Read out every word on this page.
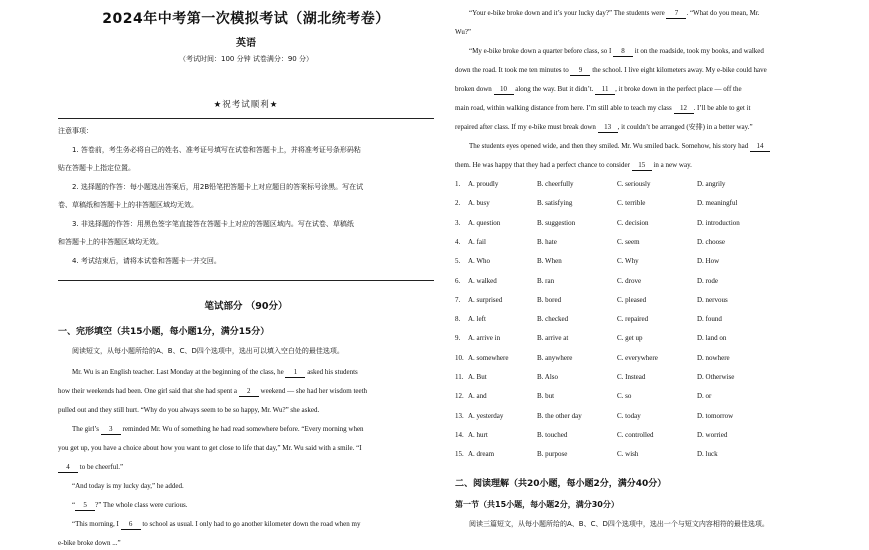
2024年中考第一次模拟考试（湖北统考卷）
英语
（考试时间：100 分钟 试卷满分：90 分）
★祝考试顺利★
注意事项：
1. 答卷前，考生务必将自己的姓名、准考证号填写在试卷和答题卡上，并将准考证号条形码粘
贴在答题卡上指定位置。
2. 选择题的作答：每小题选出答案后，用2B铅笔把答题卡上对应题目的答案标号涂黑。写在试
卷、草稿纸和答题卡上的非答题区域均无效。
3. 非选择题的作答：用黑色签字笔直接答在答题卡上对应的答题区域内。写在试卷、草稿纸
和答题卡上的非答题区域均无效。
4. 考试结束后，请将本试卷和答题卡一并交回。
笔试部分 （90分）
一、完形填空（共15小题，每小题1分，满分15分）
阅读短文，从每小题所给的A、B、C、D四个选项中，选出可以填入空白处的最佳选项。
Mr. Wu is an English teacher. Last Monday at the beginning of the class, he 1 asked his students
how their weekends had been. One girl said that she had spent a 2 weekend — she had her wisdom teeth
pulled out and they still hurt. “Why do you always seem to be so happy, Mr. Wu?” she asked.
The girl’s 3 reminded Mr. Wu of something he had read somewhere before. “Every morning when
you get up, you have a choice about how you want to get close to life that day,” Mr. Wu said with a smile. “I
4 to be cheerful.”
“And today is my lucky day,” he added.
“ 5 ?” The whole class were curious.
“This morning, I 6 to school as usual. I only had to go another kilometer down the road when my
e-bike broke down ...”
“Your e-bike broke down and it’s your lucky day?” The students were 7 . “What do you mean, Mr.
Wu?”
“My e-bike broke down a quarter before class, so I 8 it on the roadside, took my books, and walked
down the road. It took me ten minutes to 9 the school. I live eight kilometers away. My e-bike could have
broken down 10 along the way. But it didn’t. 11 , it broke down in the perfect place — off the
main road, within walking distance from here. I’m still able to teach my class 12 . I’ll be able to get it
repaired after class. If my e-bike must break down 13 , it couldn’t be arranged (安排) in a better way.”
The students eyes opened wide, and then they smiled. Mr. Wu smiled back. Somehow, his story had 14
them. He was happy that they had a perfect chance to consider 15 in a new way.
1. A. proudly	B. cheerfully	C. seriously	D. angrily
2. A. busy	B. satisfying	C. terrible	D. meaningful
3. A. question	B. suggestion	C. decision	D. introduction
4. A. fail	B. hate	C. seem	D. choose
5. A. Who	B. When	C. Why	D. How
6. A. walked	B. ran	C. drove	D. rode
7. A. surprised	B. bored	C. pleased	D. nervous
8. A. left	B. checked	C. repaired	D. found
9. A. arrive in	B. arrive at	C. get up	D. land on
10. A. somewhere	B. anywhere	C. everywhere	D. nowhere
11. A. But	B. Also	C. Instead	D. Otherwise
12. A. and	B. but	C. so	D. or
13. A. yesterday	B. the other day	C. today	D. tomorrow
14. A. hurt	B. touched	C. controlled	D. worried
15. A. dream	B. purpose	C. wish	D. luck
二、阅读理解（共20小题，每小题2分，满分40分）
第一节（共15小题，每小题2分，满分30分）
阅读三篇短文，从每小题所给的A、B、C、D四个选项中，选出一个与短文内容相符的最佳选项。
